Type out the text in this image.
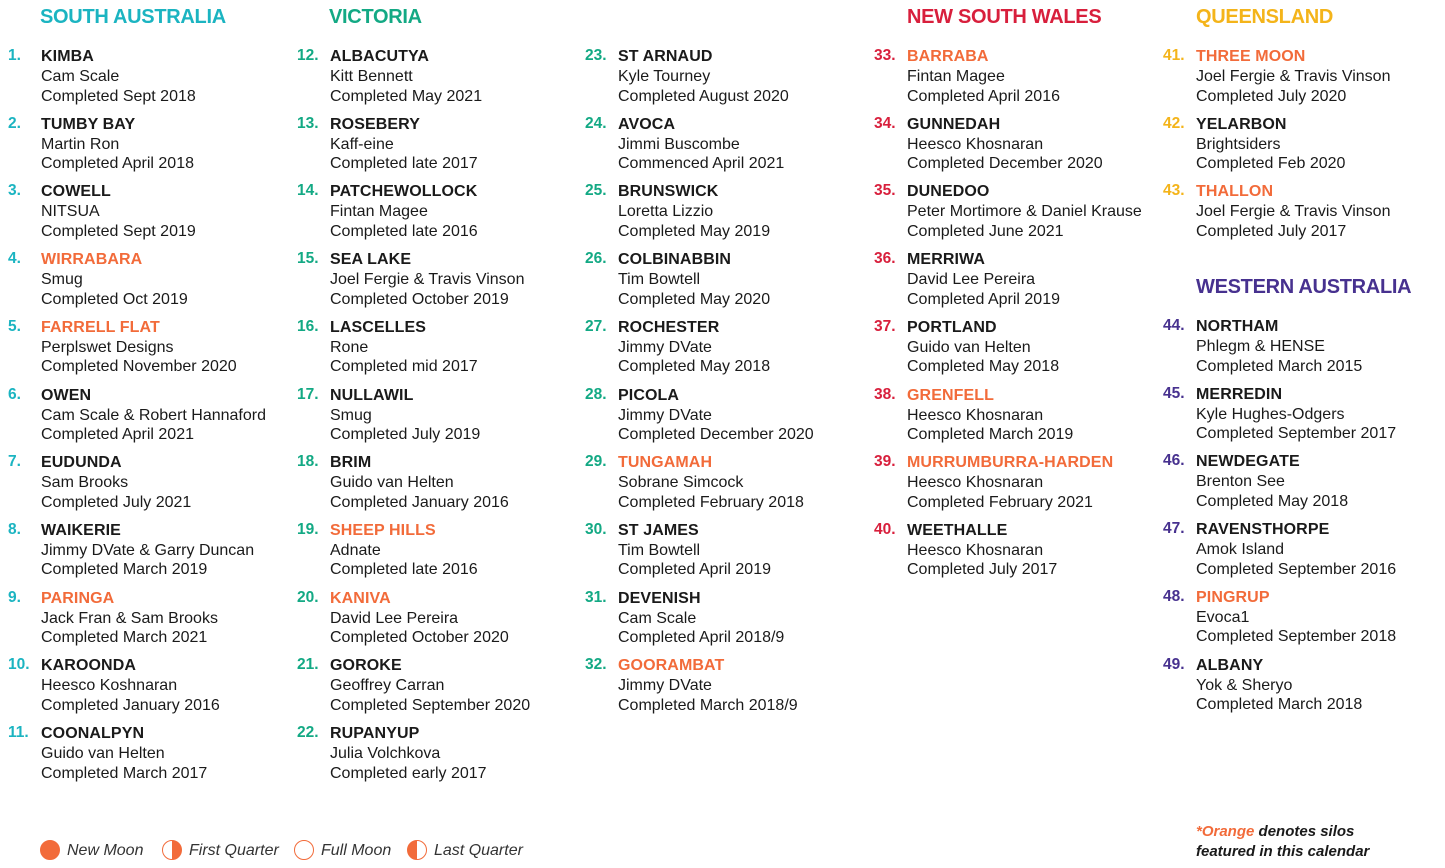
SOUTH AUSTRALIA	VICTORIA	NEW SOUTH WALES	QUEENSLAND
WESTERN AUSTRALIA
1.	KIMBA
Cam Scale
Completed Sept 2018
2.	TUMBY BAY
Martin Ron
Completed April 2018
3.	COWELL
NITSUA
Completed Sept 2019
4.	WIRRABARA
Smug
Completed Oct 2019
5.	FARRELL FLAT
Perplswet Designs
Completed November 2020
6.	OWEN
Cam Scale & Robert Hannaford
Completed April 2021
7.	EUDUNDA
Sam Brooks
Completed July 2021
8.	WAIKERIE
Jimmy DVate & Garry Duncan
Completed March 2019
9.	PARINGA
Jack Fran & Sam Brooks
Completed March 2021
10. KAROONDA
Heesco Koshnaran
Completed January 2016
11. COONALPYN
Guido van Helten
Completed March 2017
12. ALBACUTYA
Kitt Bennett
Completed May 2021
13. ROSEBERY
Kaff-eine
Completed late 2017
14. PATCHEWOLLOCK
Fintan Magee
Completed late 2016
15. SEA LAKE
Joel Fergie & Travis Vinson
Completed October 2019
16. LASCELLES
Rone
Completed mid 2017
17. NULLAWIL
Smug
Completed July 2019
18. BRIM
Guido van Helten
Completed January 2016
19. SHEEP HILLS
Adnate
Completed late 2016
20. KANIVA
David Lee Pereira
Completed October 2020
21. GOROKE
Geoffrey Carran
Completed September 2020
22. RUPANYUP
Julia Volchkova
Completed early 2017
23. ST ARNAUD
Kyle Tourney
Completed August 2020
24. AVOCA
Jimmi Buscombe
Commenced April 2021
25. BRUNSWICK
Loretta Lizzio
Completed May 2019
26. COLBINABBIN
Tim Bowtell
Completed May 2020
27. ROCHESTER
Jimmy DVate
Completed May 2018
28. PICOLA
Jimmy DVate
Completed December 2020
29. TUNGAMAH
Sobrane Simcock
Completed February 2018
30. ST JAMES
Tim Bowtell
Completed April 2019
31. DEVENISH
Cam Scale
Completed April 2018/9
32. GOORAMBAT
Jimmy DVate
Completed March 2018/9
33. BARRABA
Fintan Magee
Completed April 2016
34. GUNNEDAH
Heesco Khosnaran
Completed December 2020
35. DUNEDOO
Peter Mortimore & Daniel Krause
Completed June 2021
36. MERRIWA
David Lee Pereira
Completed April 2019
37. PORTLAND
Guido van Helten
Completed May 2018
38. GRENFELL
Heesco Khosnaran
Completed March 2019
39. MURRUMBURRA-HARDEN
Heesco Khosnaran
Completed February 2021
40. WEETHALLE
Heesco Khosnaran
Completed July 2017
41. THREE MOON
Joel Fergie & Travis Vinson
Completed July 2020
42. YELARBON
Brightsiders
Completed Feb 2020
43. THALLON
Joel Fergie & Travis Vinson
Completed July 2017
44. NORTHAM
Phlegm & HENSE
Completed March 2015
45. MERREDIN
Kyle Hughes-Odgers
Completed September 2017
46. NEWDEGATE
Brenton See
Completed May 2018
47. RAVENSTHORPE
Amok Island
Completed September 2016
48. PINGRUP
Evoca1
Completed September 2018
49. ALBANY
Yok & Sheryo
Completed March 2018
New Moon	First Quarter	Full Moon	Last Quarter
*Orange denotes silos
featured in this calendar
